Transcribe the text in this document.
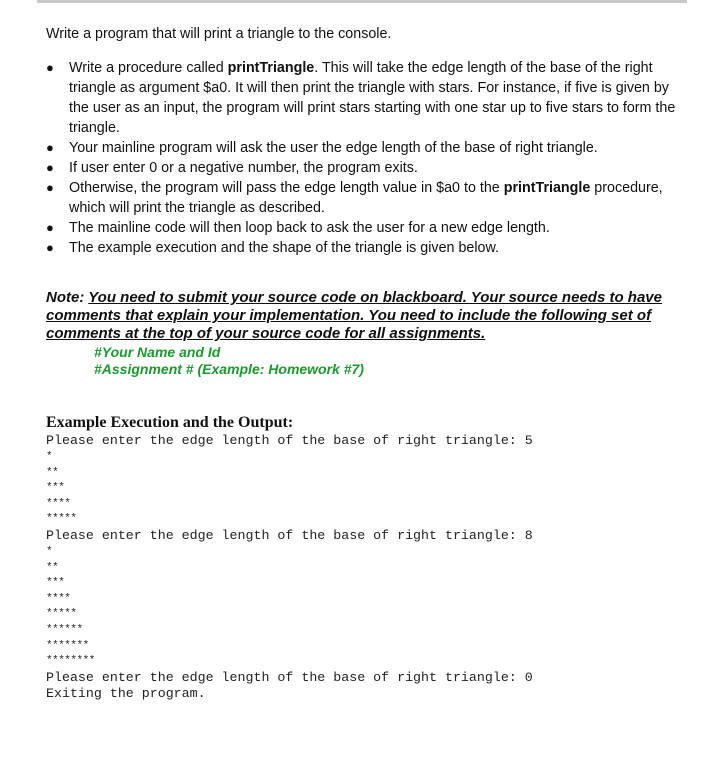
Write a program that will print a triangle to the console.

● Write a procedure called printTriangle. This will take the edge length of the base of the right triangle as argument $a0. It will then print the triangle with stars. For instance, if five is given by the user as an input, the program will print stars starting with one star up to five stars to form the triangle.
● Your mainline program will ask the user the edge length of the base of right triangle.
● If user enter 0 or a negative number, the program exits.
● Otherwise, the program will pass the edge length value in $a0 to the printTriangle procedure, which will print the triangle as described.
● The mainline code will then loop back to ask the user for a new edge length.
● The example execution and the shape of the triangle is given below.
Note: You need to submit your source code on blackboard. Your source needs to have comments that explain your implementation. You need to include the following set of comments at the top of your source code for all assignments.
#Your Name and Id
#Assignment # (Example: Homework #7)
Example Execution and the Output:
Please enter the edge length of the base of right triangle: 5
*
**
***
****
*****
Please enter the edge length of the base of right triangle: 8
*
**
***
****
*****
******
*******
********
Please enter the edge length of the base of right triangle: 0
Exiting the program.
